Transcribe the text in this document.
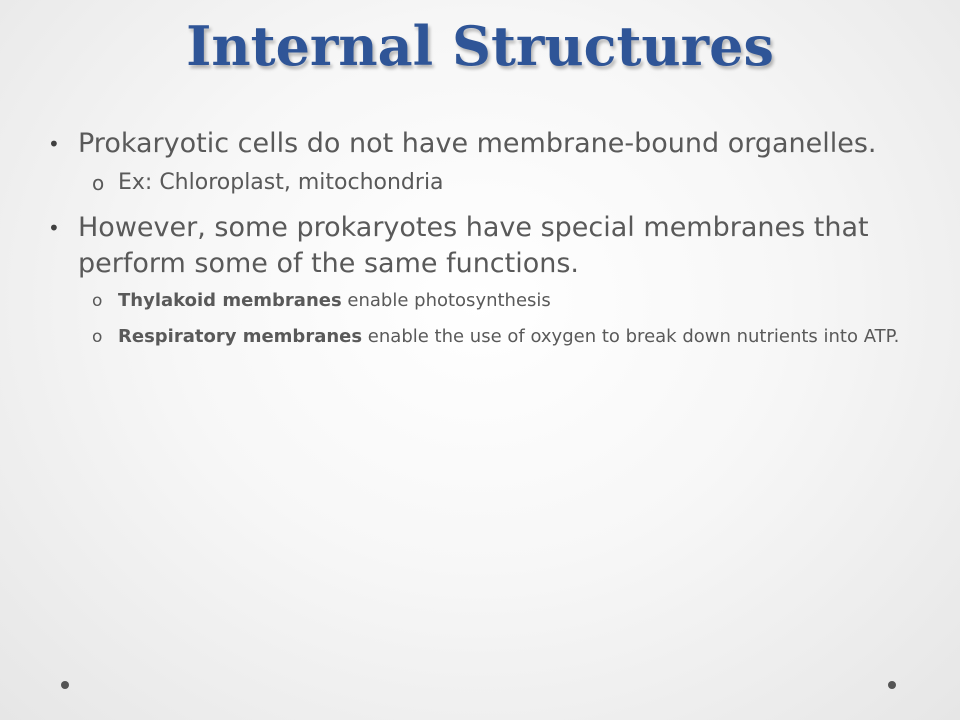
Internal Structures
• Prokaryotic cells do not have membrane-bound organelles.
o Ex: Chloroplast, mitochondria
• However, some prokaryotes have special membranes that perform some of the same functions.
o Thylakoid membranes enable photosynthesis
o Respiratory membranes enable the use of oxygen to break down nutrients into ATP.
